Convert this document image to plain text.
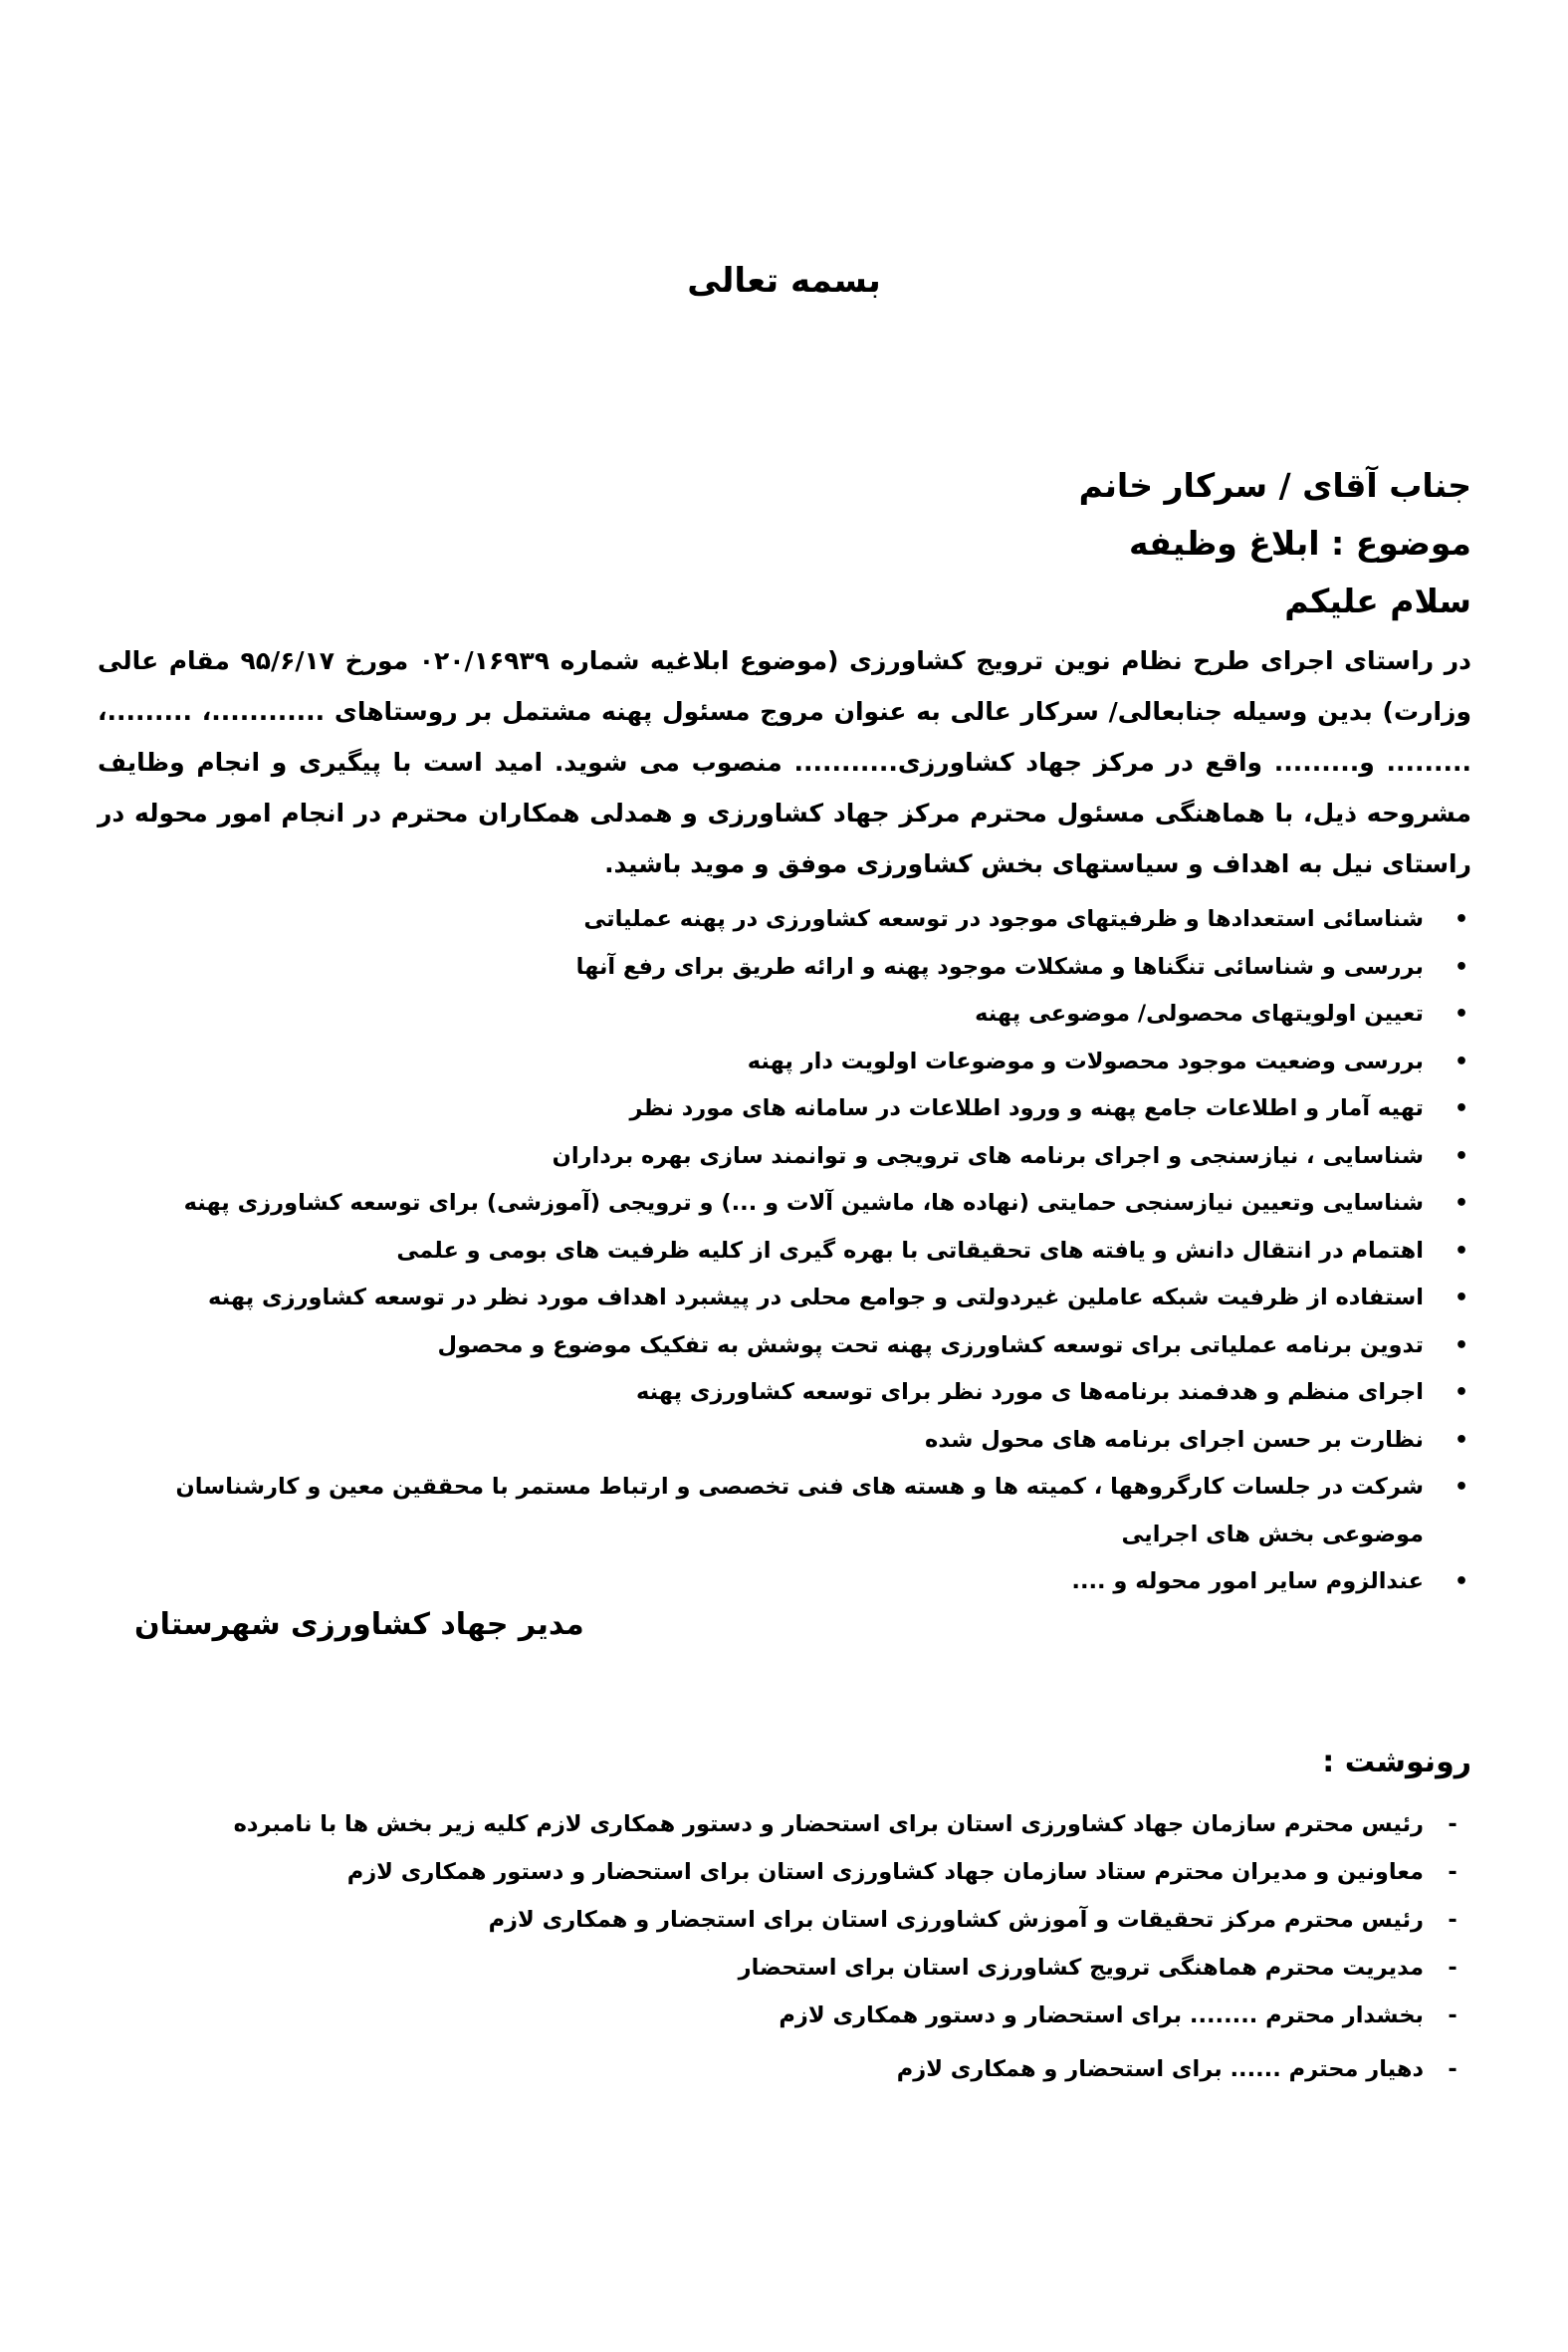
بسمه تعالی
جناب آقای / سرکار خانم
موضوع : ابلاغ وظیفه
سلام علیکم
در راستای اجرای طرح نظام نوین ترویج کشاورزی (موضوع ابلاغیه شماره ۰۲۰/۱۶۹۳۹ مورخ ۹۵/۶/۱۷ مقام عالی
وزارت) بدین وسیله جنابعالی/ سرکار عالی به عنوان مروج مسئول پهنه مشتمل بر روستاهای ............، .........،
......... و......... واقع در مرکز جهاد کشاورزی........... منصوب می شوید. امید است با پیگیری و انجام وظایف
مشروحه ذیل، با هماهنگی مسئول محترم مرکز جهاد کشاورزی و همدلی همکاران محترم در انجام امور محوله در
راستای نیل به اهداف و سیاستهای بخش کشاورزی موفق و موید باشید.
•
شناسائی استعدادها و ظرفیتهای موجود در توسعه کشاورزی در پهنه عملیاتی
•
بررسی و شناسائی تنگناها و مشکلات موجود پهنه و ارائه طریق برای رفع آنها
•
تعیین اولویتهای محصولی/ موضوعی پهنه
•
بررسی وضعیت موجود محصولات و موضوعات اولویت دار پهنه
•
تهیه آمار و اطلاعات جامع پهنه و ورود اطلاعات در سامانه های مورد نظر
•
شناسایی ، نیازسنجی و اجرای برنامه های ترویجی و توانمند سازی بهره برداران
•
شناسایی وتعیین نیازسنجی حمایتی (نهاده ها، ماشین آلات و ...) و ترویجی (آموزشی) برای توسعه کشاورزی پهنه
•
اهتمام در انتقال دانش و یافته های تحقیقاتی با بهره گیری از کلیه ظرفیت های بومی و علمی
•
استفاده از ظرفیت شبکه عاملین غیردولتی و جوامع محلی در پیشبرد اهداف مورد نظر در توسعه کشاورزی پهنه
•
تدوین برنامه عملیاتی برای توسعه کشاورزی پهنه تحت پوشش به تفکیک موضوع و محصول
•
اجرای منظم و هدفمند برنامه‌ها ی مورد نظر برای توسعه کشاورزی پهنه
•
نظارت بر حسن اجرای برنامه های محول شده
•
شرکت در جلسات کارگروهها ، کمیته ها و هسته های فنی تخصصی و ارتباط مستمر با محققین معین و کارشناسان
موضوعی بخش های اجرایی
•
عندالزوم سایر امور محوله و ....
مدیر جهاد کشاورزی شهرستان
رونوشت :
-
رئیس محترم سازمان جهاد کشاورزی استان برای استحضار و دستور همکاری لازم کلیه زیر بخش ها با نامبرده
-
معاونین و مدیران محترم ستاد سازمان جهاد کشاورزی استان برای استحضار و دستور همکاری لازم
-
رئیس محترم مرکز تحقیقات و آموزش کشاورزی استان برای استجضار و همکاری لازم
-
مدیریت محترم هماهنگی ترویج کشاورزی استان برای استحضار
-
بخشدار محترم ........ برای استحضار و دستور همکاری لازم
-
دهیار محترم ...... برای استحضار و همکاری لازم
